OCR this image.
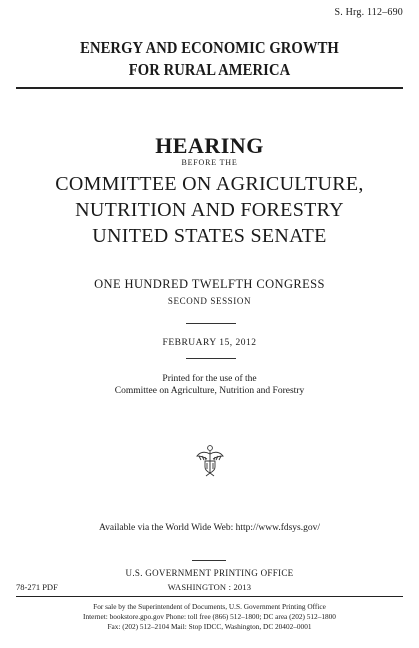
S. Hrg. 112–690
ENERGY AND ECONOMIC GROWTH
FOR RURAL AMERICA
HEARING
BEFORE THE
COMMITTEE ON AGRICULTURE,
NUTRITION AND FORESTRY
UNITED STATES SENATE
ONE HUNDRED TWELFTH CONGRESS
SECOND SESSION
FEBRUARY 15, 2012
Printed for the use of the
Committee on Agriculture, Nutrition and Forestry
Available via the World Wide Web: http://www.fdsys.gov/
U.S. GOVERNMENT PRINTING OFFICE
78-271 PDF	WASHINGTON : 2013
For sale by the Superintendent of Documents, U.S. Government Printing Office
Internet: bookstore.gpo.gov Phone: toll free (866) 512–1800; DC area (202) 512–1800
Fax: (202) 512–2104 Mail: Stop IDCC, Washington, DC 20402–0001
